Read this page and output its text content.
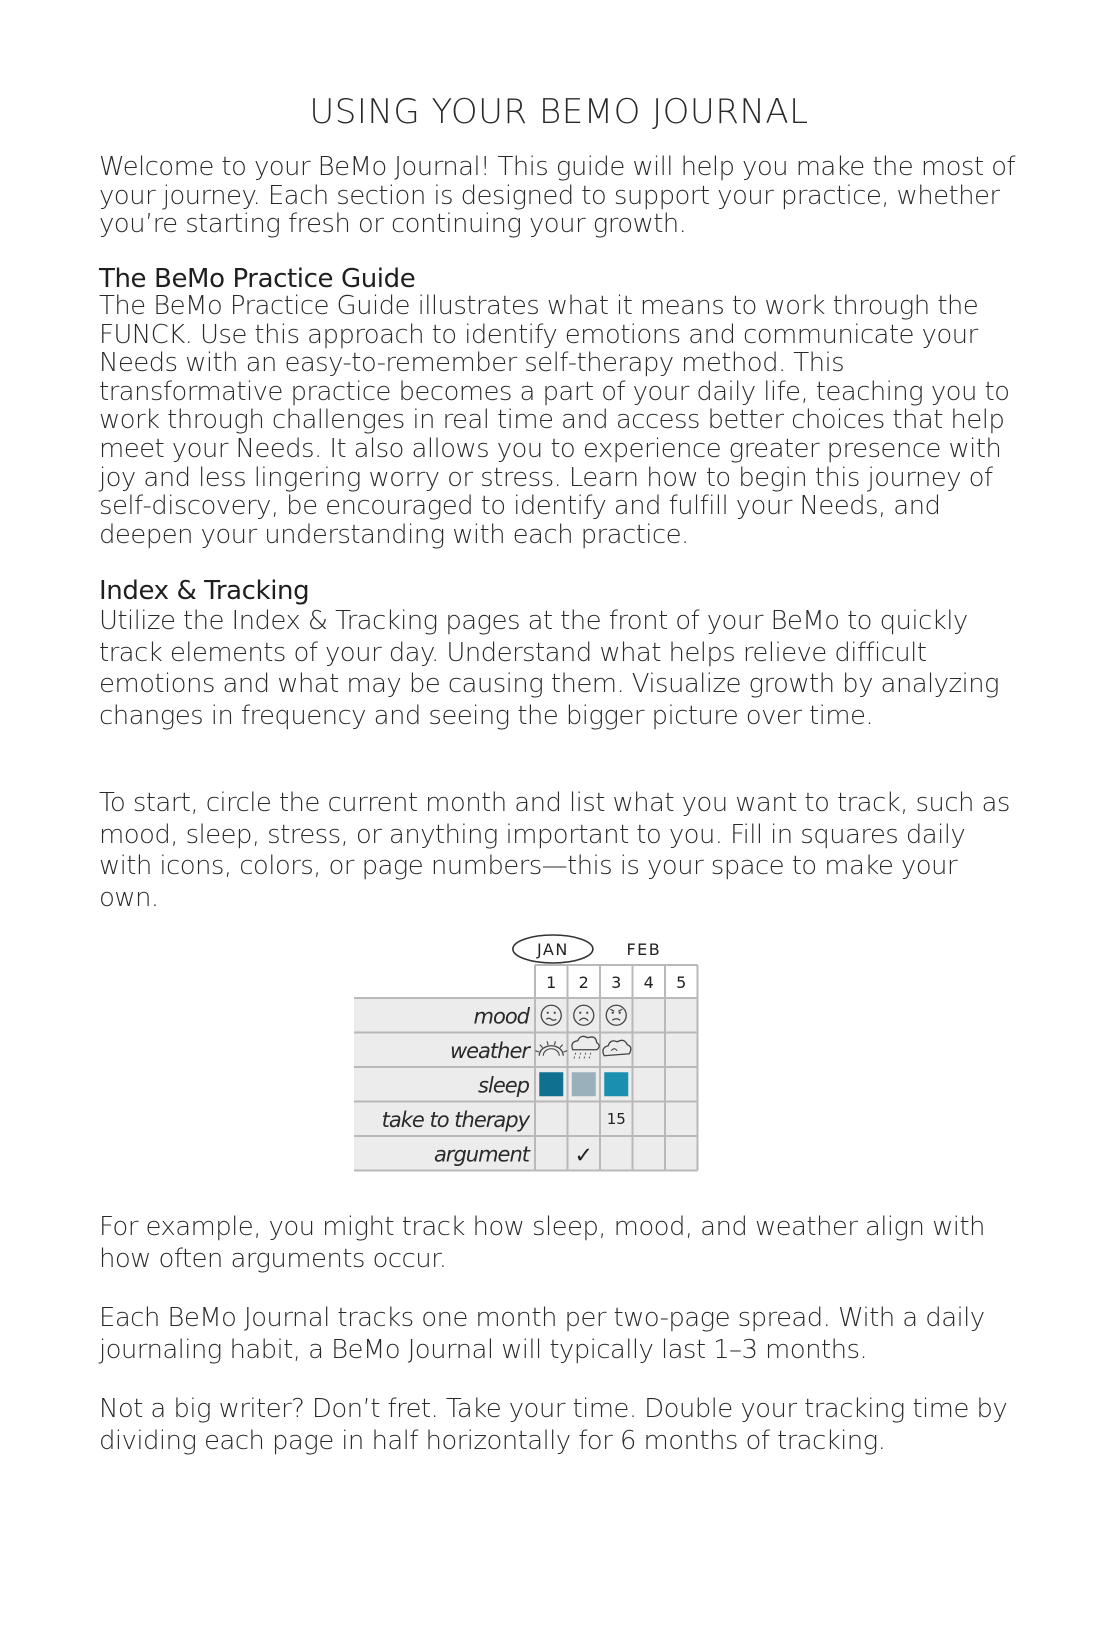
USING YOUR BEMO JOURNAL

Welcome to your BeMo Journal! This guide will help you make the most of your journey. Each section is designed to support your practice, whether you’re starting fresh or continuing your growth.

The BeMo Practice Guide

The BeMo Practice Guide illustrates what it means to work through the FUNCK. Use this approach to identify emotions and communicate your Needs with an easy-to-remember self-therapy method. This transformative practice becomes a part of your daily life, teaching you to work through challenges in real time and access better choices that help meet your Needs. It also allows you to experience greater presence with joy and less lingering worry or stress. Learn how to begin this journey of self-discovery, be encouraged to identify and fulfill your Needs, and deepen your understanding with each practice.

Index & Tracking

Utilize the Index & Tracking pages at the front of your BeMo to quickly track elements of your day. Understand what helps relieve difficult emotions and what may be causing them. Visualize growth by analyzing changes in frequency and seeing the bigger picture over time.

To start, circle the current month and list what you want to track, such as mood, sleep, stress, or anything important to you. Fill in squares daily with icons, colors, or page numbers—this is your space to make your own.

For example, you might track how sleep, mood, and weather align with how often arguments occur.

Each BeMo Journal tracks one month per two-page spread. With a daily journaling habit, a BeMo Journal will typically last 1–3 months.

Not a big writer? Don’t fret. Take your time. Double your tracking time by dividing each page in half horizontally for 6 months of tracking.

JAN	FEB
1 2 3 4 5
mood
weather
sleep
take to therapy
argument
15
✓
